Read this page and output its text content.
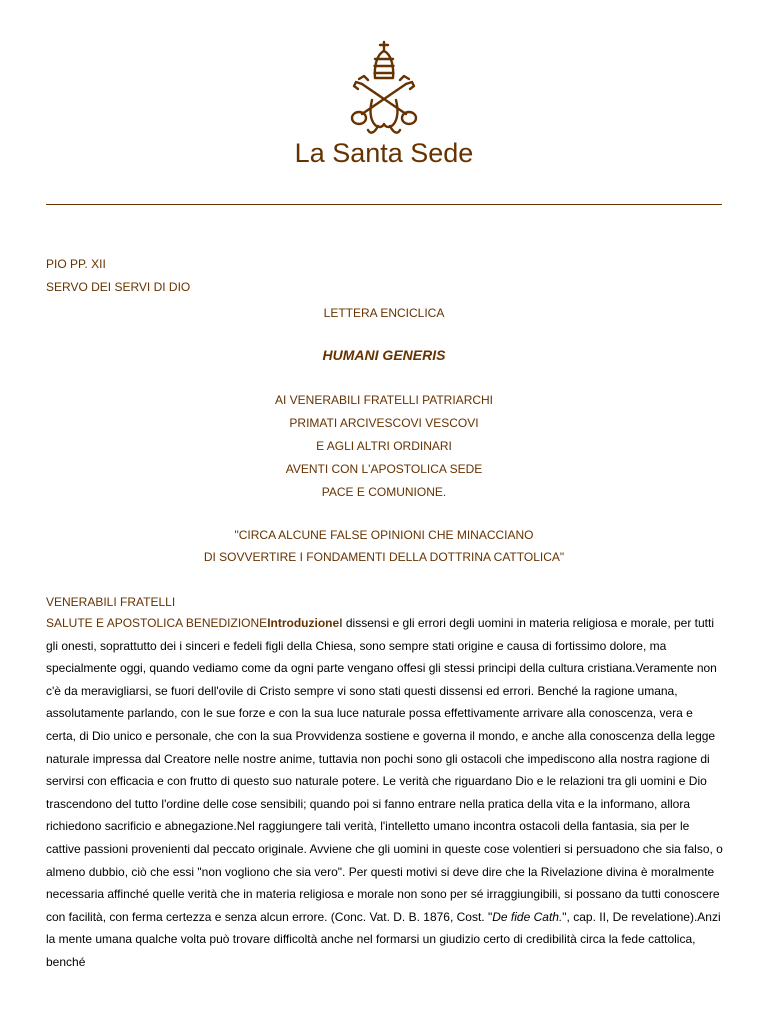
La Santa Sede
PIO PP. XII
SERVO DEI SERVI DI DIO
LETTERA ENCICLICA
HUMANI GENERIS
AI VENERABILI FRATELLI PATRIARCHI
PRIMATI ARCIVESCOVI VESCOVI
E AGLI ALTRI ORDINARI
AVENTI CON L'APOSTOLICA SEDE
PACE E COMUNIONE.
"CIRCA ALCUNE FALSE OPINIONI CHE MINACCIANO
DI SOVVERTIRE I FONDAMENTI DELLA DOTTRINA CATTOLICA"
VENERABILI FRATELLI

SALUTE E APOSTOLICA BENEDIZIONEIntroduzioneI dissensi e gli errori degli uomini in materia religiosa e morale, per tutti gli onesti, soprattutto dei i sinceri e fedeli figli della Chiesa, sono sempre stati origine e causa di fortissimo dolore, ma specialmente oggi, quando vediamo come da ogni parte vengano offesi gli stessi principi della cultura cristiana.Veramente non c'è da meravigliarsi, se fuori dell'ovile di Cristo sempre vi sono stati questi dissensi ed errori. Benché la ragione umana, assolutamente parlando, con le sue forze e con la sua luce naturale possa effettivamente arrivare alla conoscenza, vera e certa, di Dio unico e personale, che con la sua Provvidenza sostiene e governa il mondo, e anche alla conoscenza della legge naturale impressa dal Creatore nelle nostre anime, tuttavia non pochi sono gli ostacoli che impediscono alla nostra ragione di servirsi con efficacia e con frutto di questo suo naturale potere. Le verità che riguardano Dio e le relazioni tra gli uomini e Dio trascendono del tutto l'ordine delle cose sensibili; quando poi si fanno entrare nella pratica della vita e la informano, allora richiedono sacrificio e abnegazione.Nel raggiungere tali verità, l'intelletto umano incontra ostacoli della fantasia, sia per le cattive passioni provenienti dal peccato originale. Avviene che gli uomini in queste cose volentieri si persuadono che sia falso, o almeno dubbio, ciò che essi "non vogliono che sia vero". Per questi motivi si deve dire che la Rivelazione divina è moralmente necessaria affinché quelle verità che in materia religiosa e morale non sono per sé irraggiungibili, si possano da tutti conoscere con facilità, con ferma certezza e senza alcun errore. (Conc. Vat. D. B. 1876, Cost. "De fide Cath.", cap. II, De revelatione).Anzi la mente umana qualche volta può trovare difficoltà anche nel formarsi un giudizio certo di credibilità circa la fede cattolica, benché
